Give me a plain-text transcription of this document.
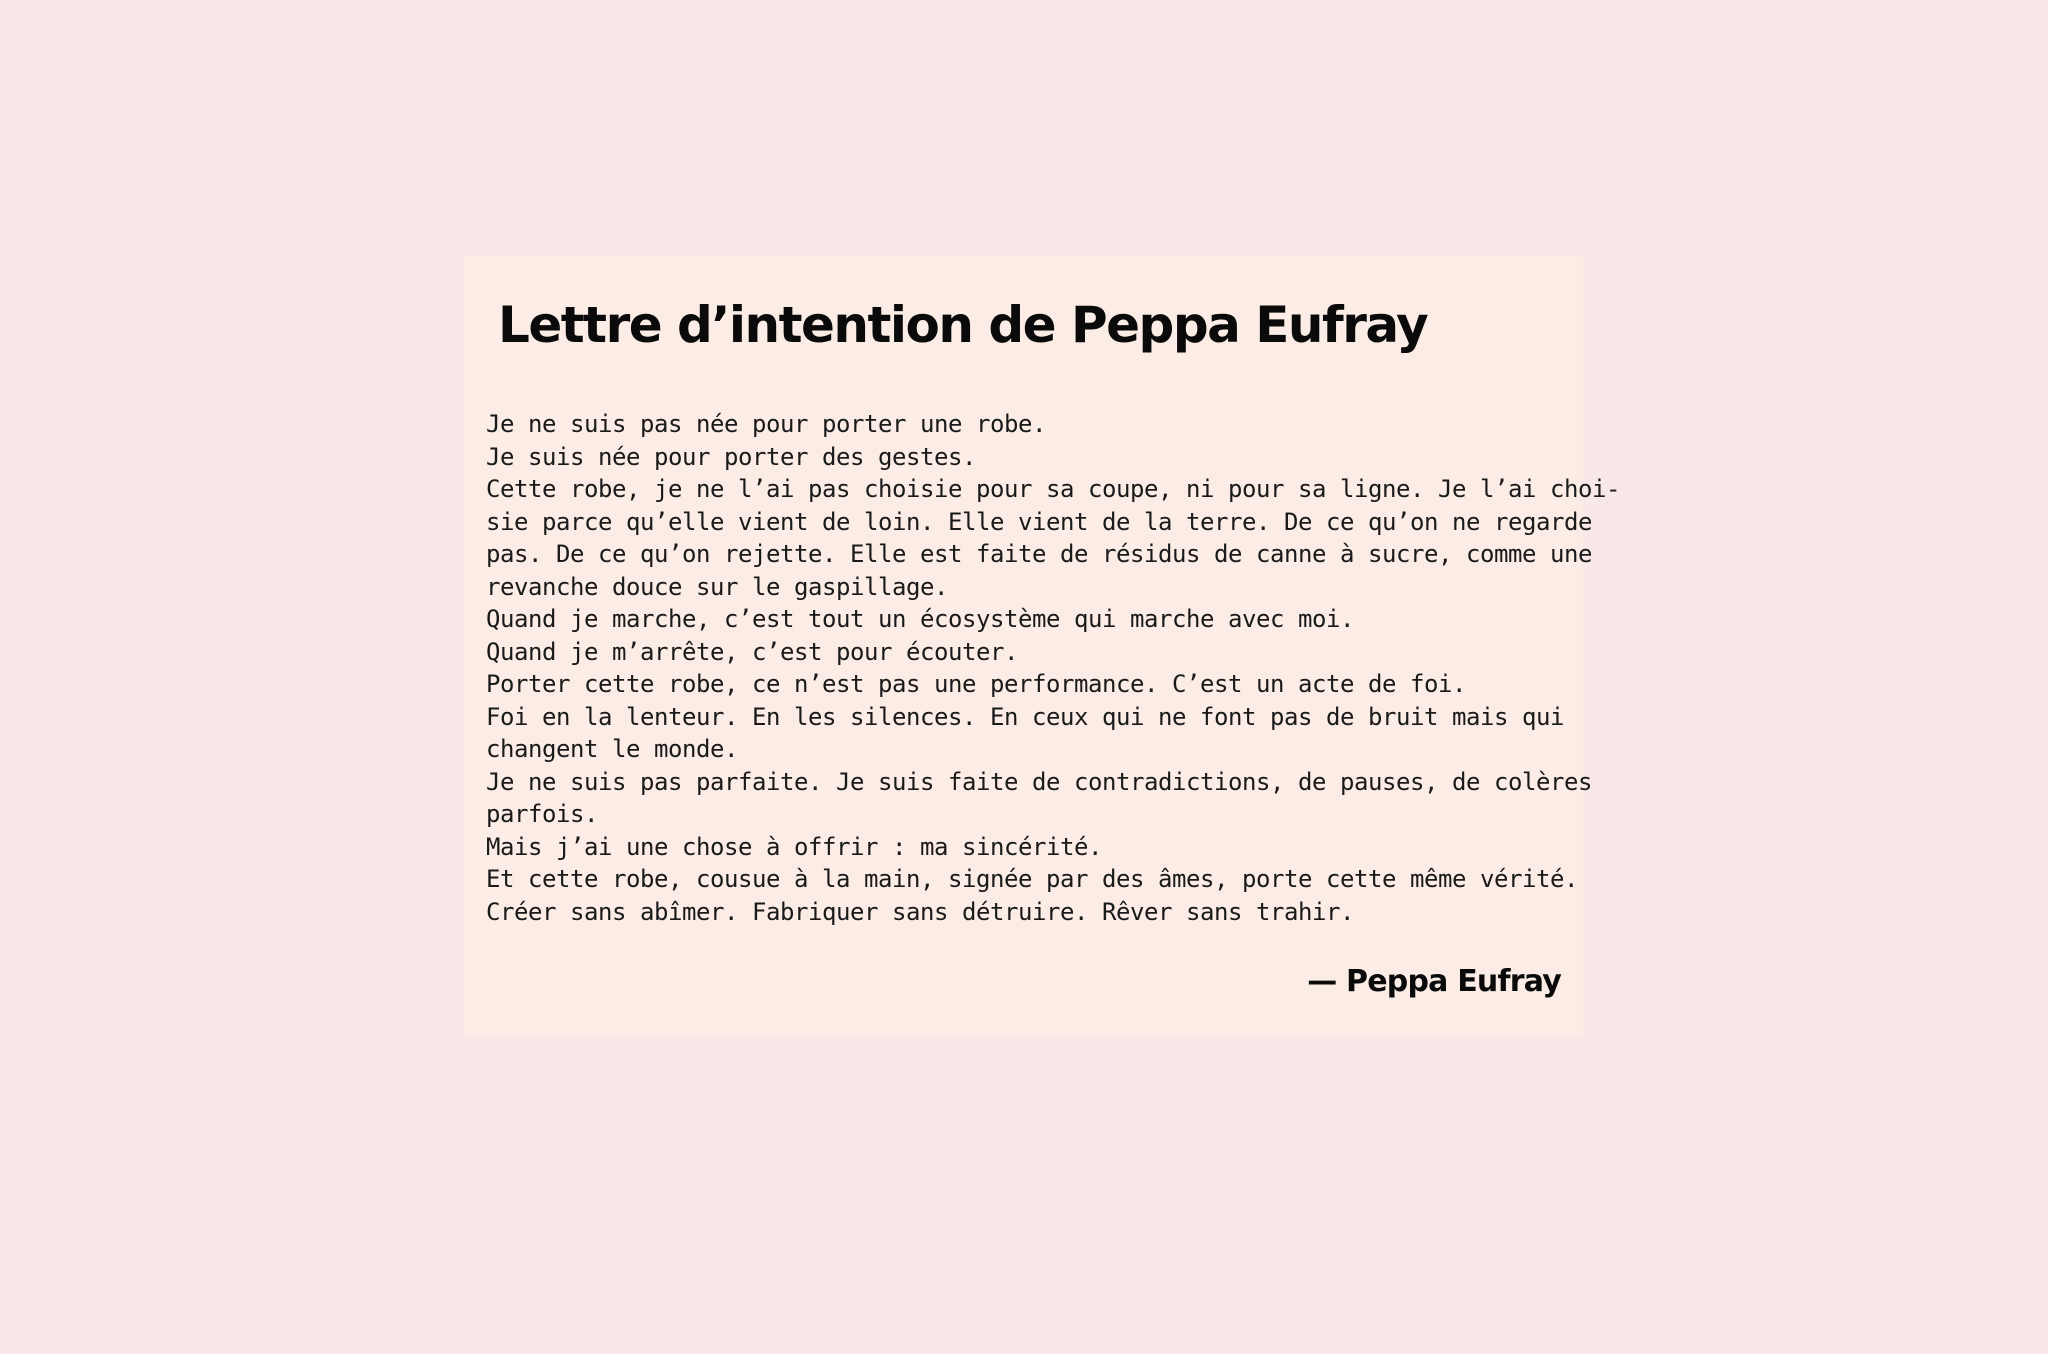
Lettre d’intention de Peppa Eufray
Je ne suis pas née pour porter une robe.
Je suis née pour porter des gestes.
Cette robe, je ne l’ai pas choisie pour sa coupe, ni pour sa ligne. Je l’ai choi-
sie parce qu’elle vient de loin. Elle vient de la terre. De ce qu’on ne regarde
pas. De ce qu’on rejette. Elle est faite de résidus de canne à sucre, comme une
revanche douce sur le gaspillage.
Quand je marche, c’est tout un écosystème qui marche avec moi.
Quand je m’arrête, c’est pour écouter.
Porter cette robe, ce n’est pas une performance. C’est un acte de foi.
Foi en la lenteur. En les silences. En ceux qui ne font pas de bruit mais qui
changent le monde.
Je ne suis pas parfaite. Je suis faite de contradictions, de pauses, de colères
parfois.
Mais j’ai une chose à offrir : ma sincérité.
Et cette robe, cousue à la main, signée par des âmes, porte cette même vérité.
Créer sans abîmer. Fabriquer sans détruire. Rêver sans trahir.

— Peppa Eufray
